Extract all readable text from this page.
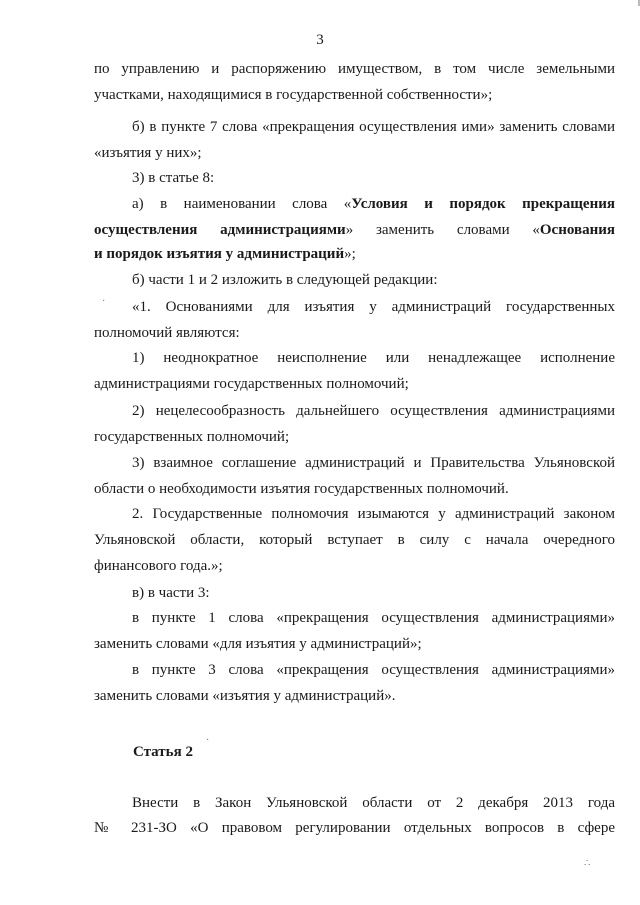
3

по управлению и распоряжению имуществом, в том числе земельными

участками, находящимися в государственной собственности»;

б) в пункте 7 слова «прекращения осуществления ими» заменить словами

«изъятия у них»;

3) в статье 8:

а) в наименовании слова «Условия и порядок прекращения

осуществления администрациями» заменить словами «Основания

и порядок изъятия у администраций»;

б) части 1 и 2 изложить в следующей редакции:

«1. Основаниями для изъятия у администраций государственных

полномочий являются:

1) неоднократное неисполнение или ненадлежащее исполнение

администрациями государственных полномочий;

2) нецелесообразность дальнейшего осуществления администрациями

государственных полномочий;

3) взаимное соглашение администраций и Правительства Ульяновской

области о необходимости изъятия государственных полномочий.

2. Государственные полномочия изымаются у администраций законом

Ульяновской области, который вступает в силу с начала очередного

финансового года.»;

в) в части 3:

в пункте 1 слова «прекращения осуществления администрациями»

заменить словами «для изъятия у администраций»;

в пункте 3 слова «прекращения осуществления администрациями»

заменить словами «изъятия у администраций».

Статья 2

Внести в Закон Ульяновской области от 2 декабря 2013 года

№ 231-ЗО «О правовом регулировании отдельных вопросов в сфере

·
·
∴
